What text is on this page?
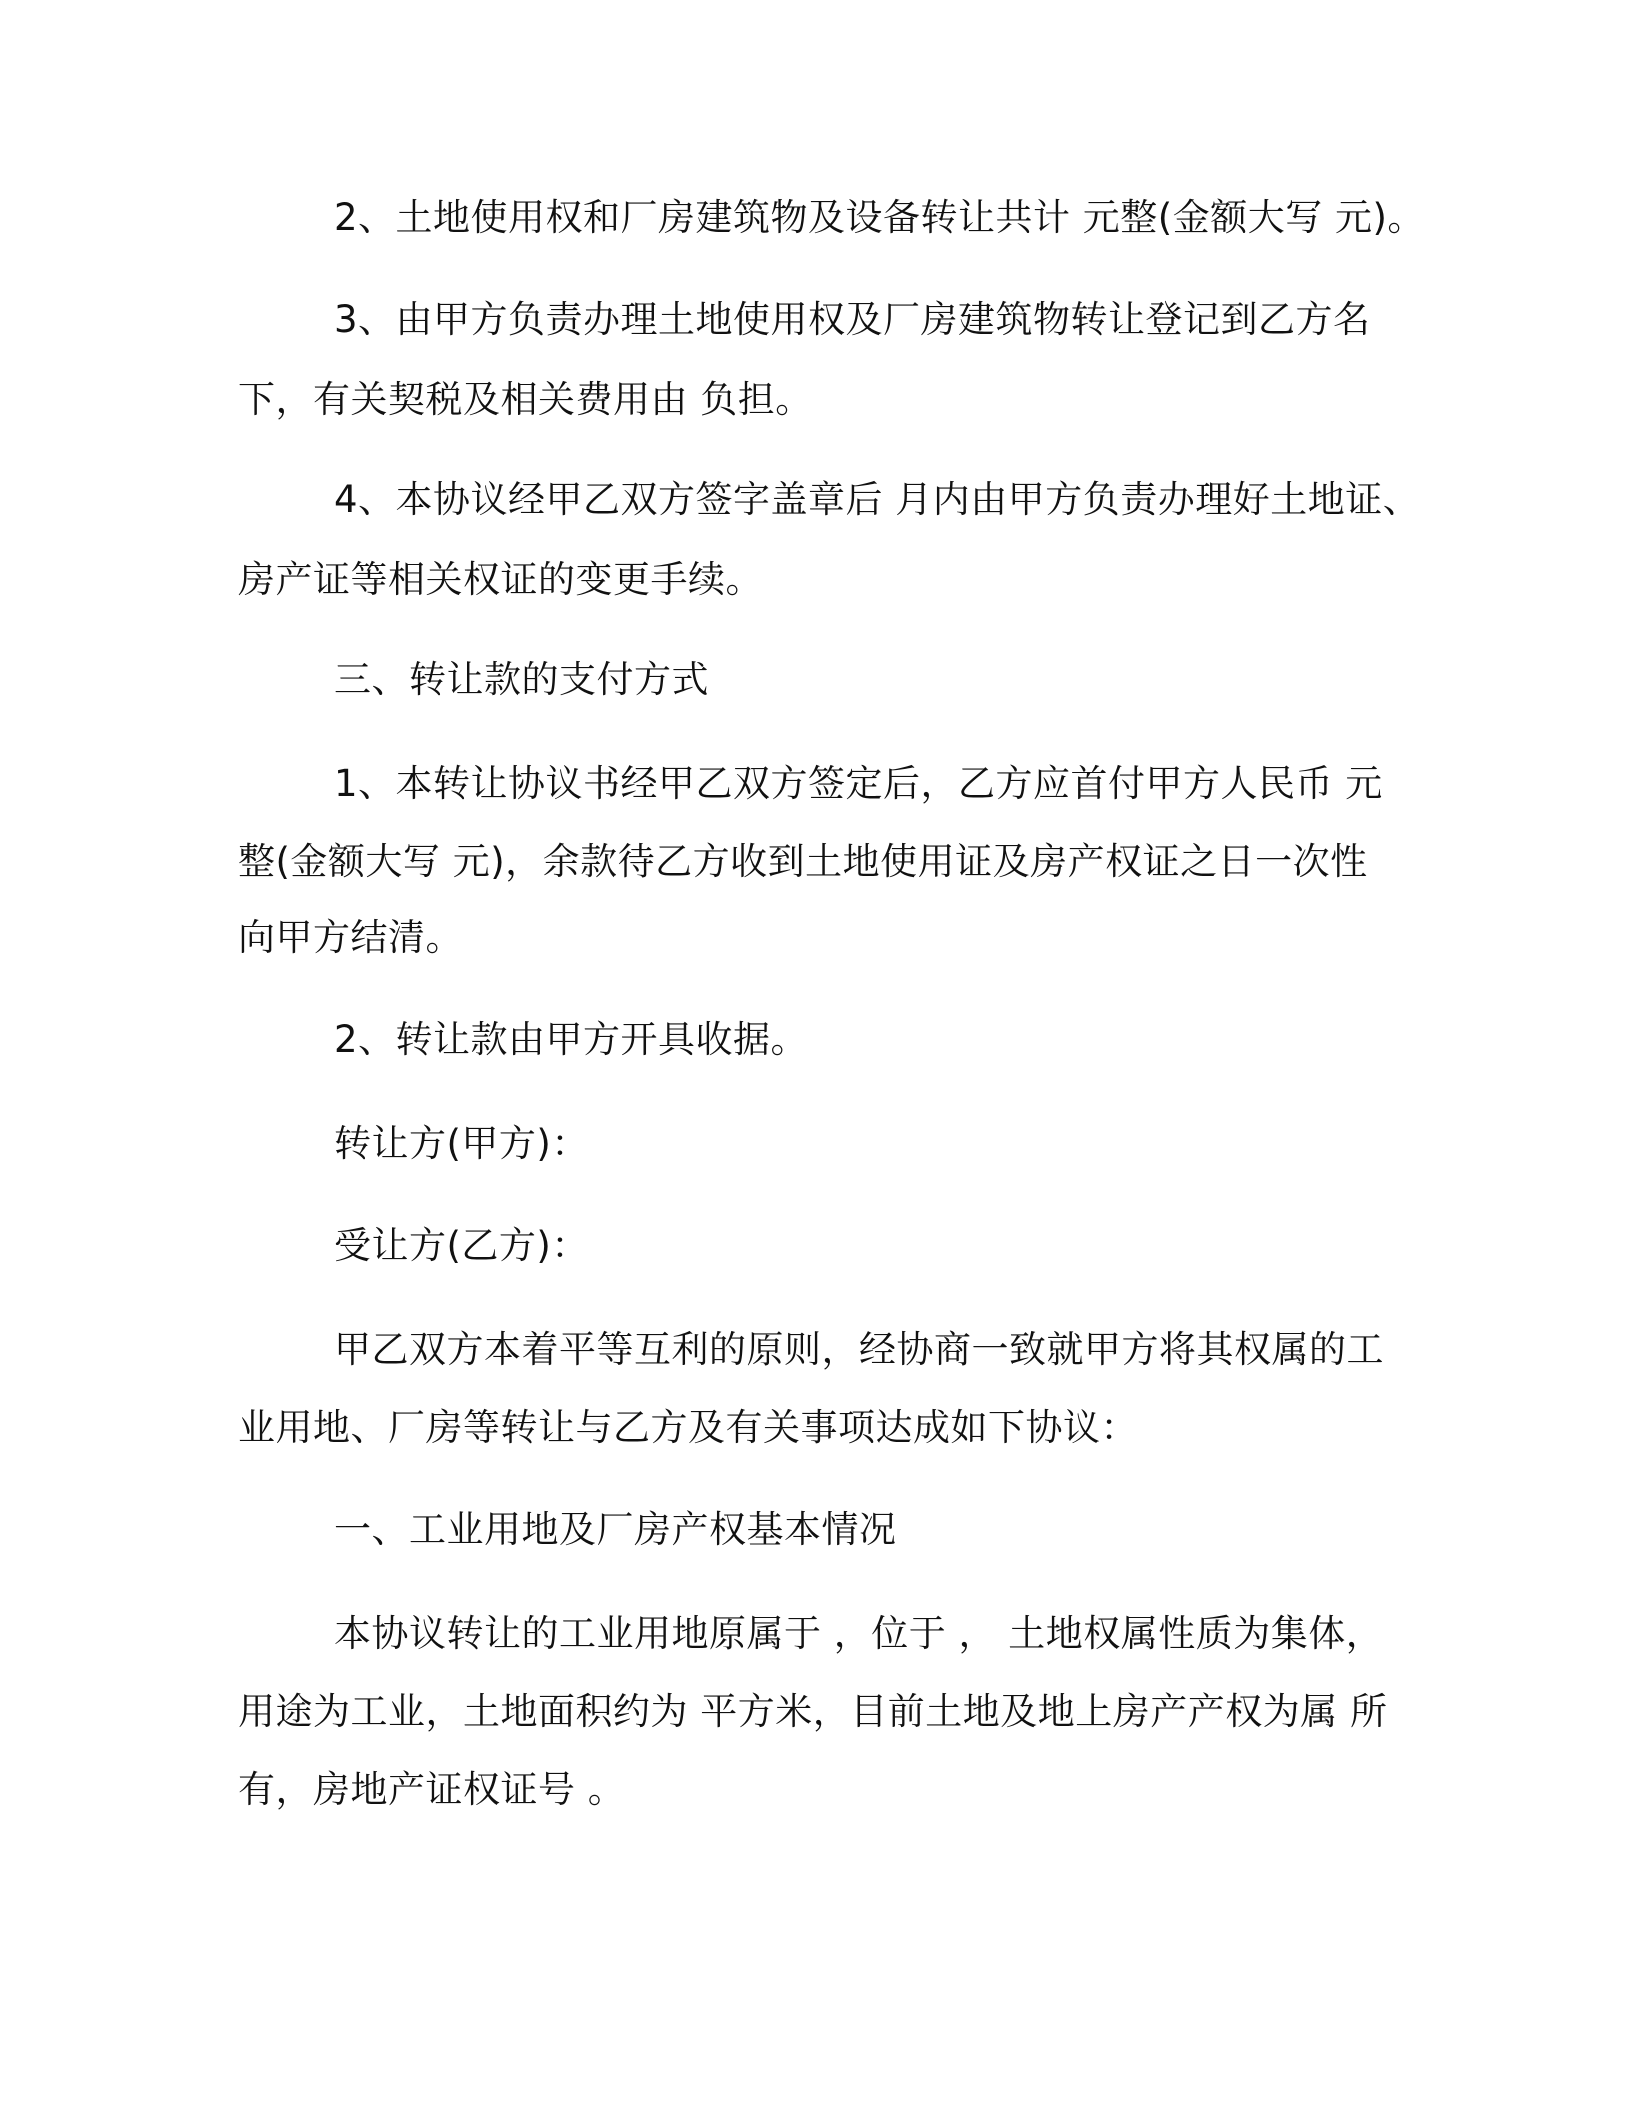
2、土地使用权和厂房建筑物及设备转让共计 元整(金额大写 元)。
3、由甲方负责办理土地使用权及厂房建筑物转让登记到乙方名
下，有关契税及相关费用由 负担。
4、本协议经甲乙双方签字盖章后 月内由甲方负责办理好土地证、
房产证等相关权证的变更手续。
三、转让款的支付方式
1、本转让协议书经甲乙双方签定后，乙方应首付甲方人民币 元
整(金额大写 元)，余款待乙方收到土地使用证及房产权证之日一次性
向甲方结清。
2、转让款由甲方开具收据。
转让方(甲方)：
受让方(乙方)：
甲乙双方本着平等互利的原则，经协商一致就甲方将其权属的工
业用地、厂房等转让与乙方及有关事项达成如下协议：
一、工业用地及厂房产权基本情况
本协议转让的工业用地原属于 ，位于 ， 土地权属性质为集体，
用途为工业，土地面积约为 平方米，目前土地及地上房产产权为属 所
有，房地产证权证号 。
